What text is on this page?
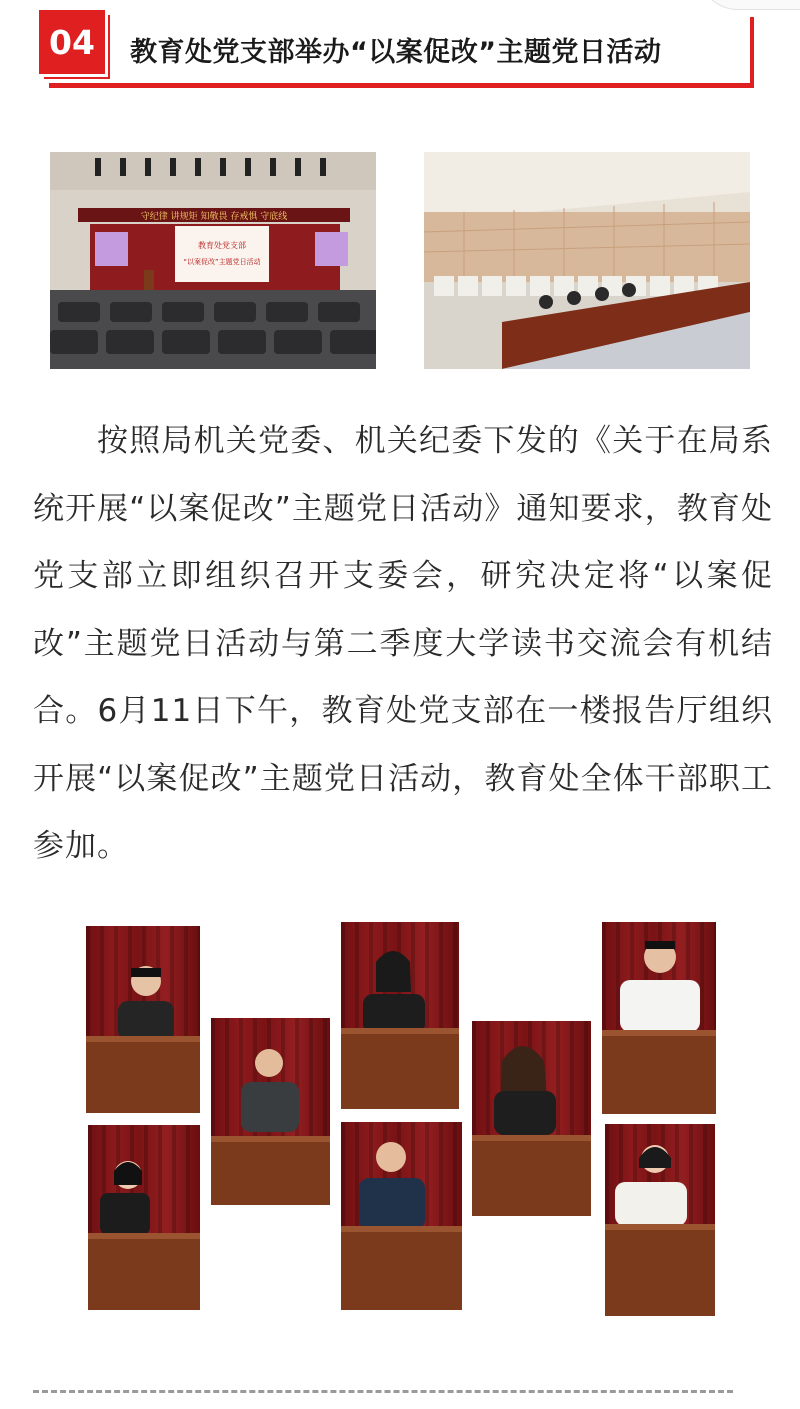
04	教育处党支部举办“以案促改”主题党日活动
守纪律 讲规矩 知敬畏 存戒惧 守底线
教育处党支部
“以案促改”主题党日活动
按照局机关党委、机关纪委下发的《关于在局系统开展“以案促改”主题党日活动》通知要求，教育处党支部立即组织召开支委会，研究决定将“以案促改”主题党日活动与第二季度大学读书交流会有机结合。6月11日下午，教育处党支部在一楼报告厅组织开展“以案促改”主题党日活动，教育处全体干部职工参加。
